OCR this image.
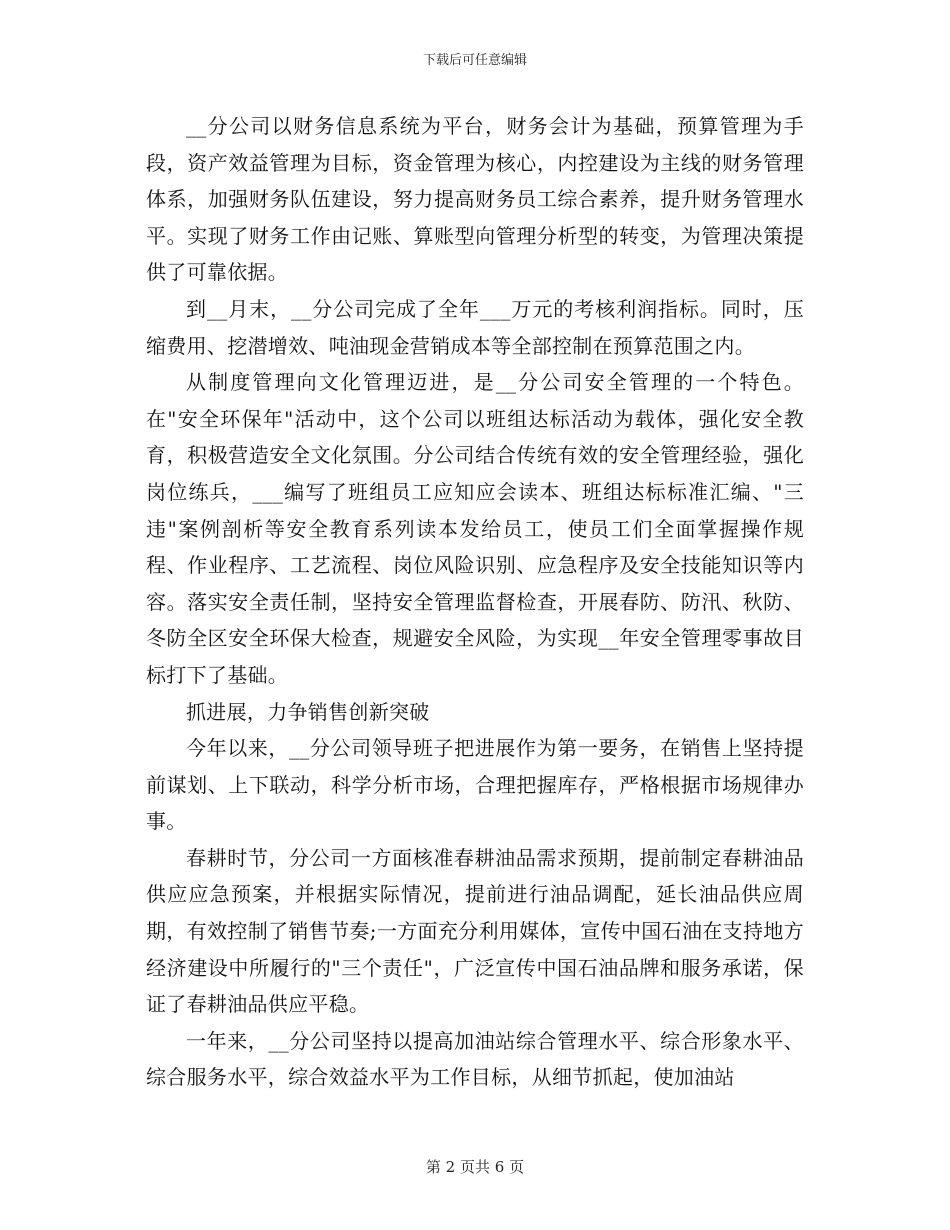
下载后可任意编辑

__分公司以财务信息系统为平台，财务会计为基础，预算管理为手段，资产效益管理为目标，资金管理为核心，内控建设为主线的财务管理体系，加强财务队伍建设，努力提高财务员工综合素养，提升财务管理水平。实现了财务工作由记账、算账型向管理分析型的转变，为管理决策提供了可靠依据。

到__月末，__分公司完成了全年___万元的考核利润指标。同时，压缩费用、挖潜增效、吨油现金营销成本等全部控制在预算范围之内。

从制度管理向文化管理迈进，是__分公司安全管理的一个特色。在"安全环保年"活动中，这个公司以班组达标活动为载体，强化安全教育，积极营造安全文化氛围。分公司结合传统有效的安全管理经验，强化岗位练兵，___编写了班组员工应知应会读本、班组达标标准汇编、"三违"案例剖析等安全教育系列读本发给员工，使员工们全面掌握操作规程、作业程序、工艺流程、岗位风险识别、应急程序及安全技能知识等内容。落实安全责任制，坚持安全管理监督检查，开展春防、防汛、秋防、冬防全区安全环保大检查，规避安全风险，为实现__年安全管理零事故目标打下了基础。

抓进展，力争销售创新突破

今年以来，__分公司领导班子把进展作为第一要务，在销售上坚持提前谋划、上下联动，科学分析市场，合理把握库存，严格根据市场规律办事。

春耕时节，分公司一方面核准春耕油品需求预期，提前制定春耕油品供应应急预案，并根据实际情况，提前进行油品调配，延长油品供应周期，有效控制了销售节奏;一方面充分利用媒体，宣传中国石油在支持地方经济建设中所履行的"三个责任"，广泛宣传中国石油品牌和服务承诺，保证了春耕油品供应平稳。

一年来，__分公司坚持以提高加油站综合管理水平、综合形象水平、综合服务水平，综合效益水平为工作目标，从细节抓起，使加油站

第 2 页共 6 页
